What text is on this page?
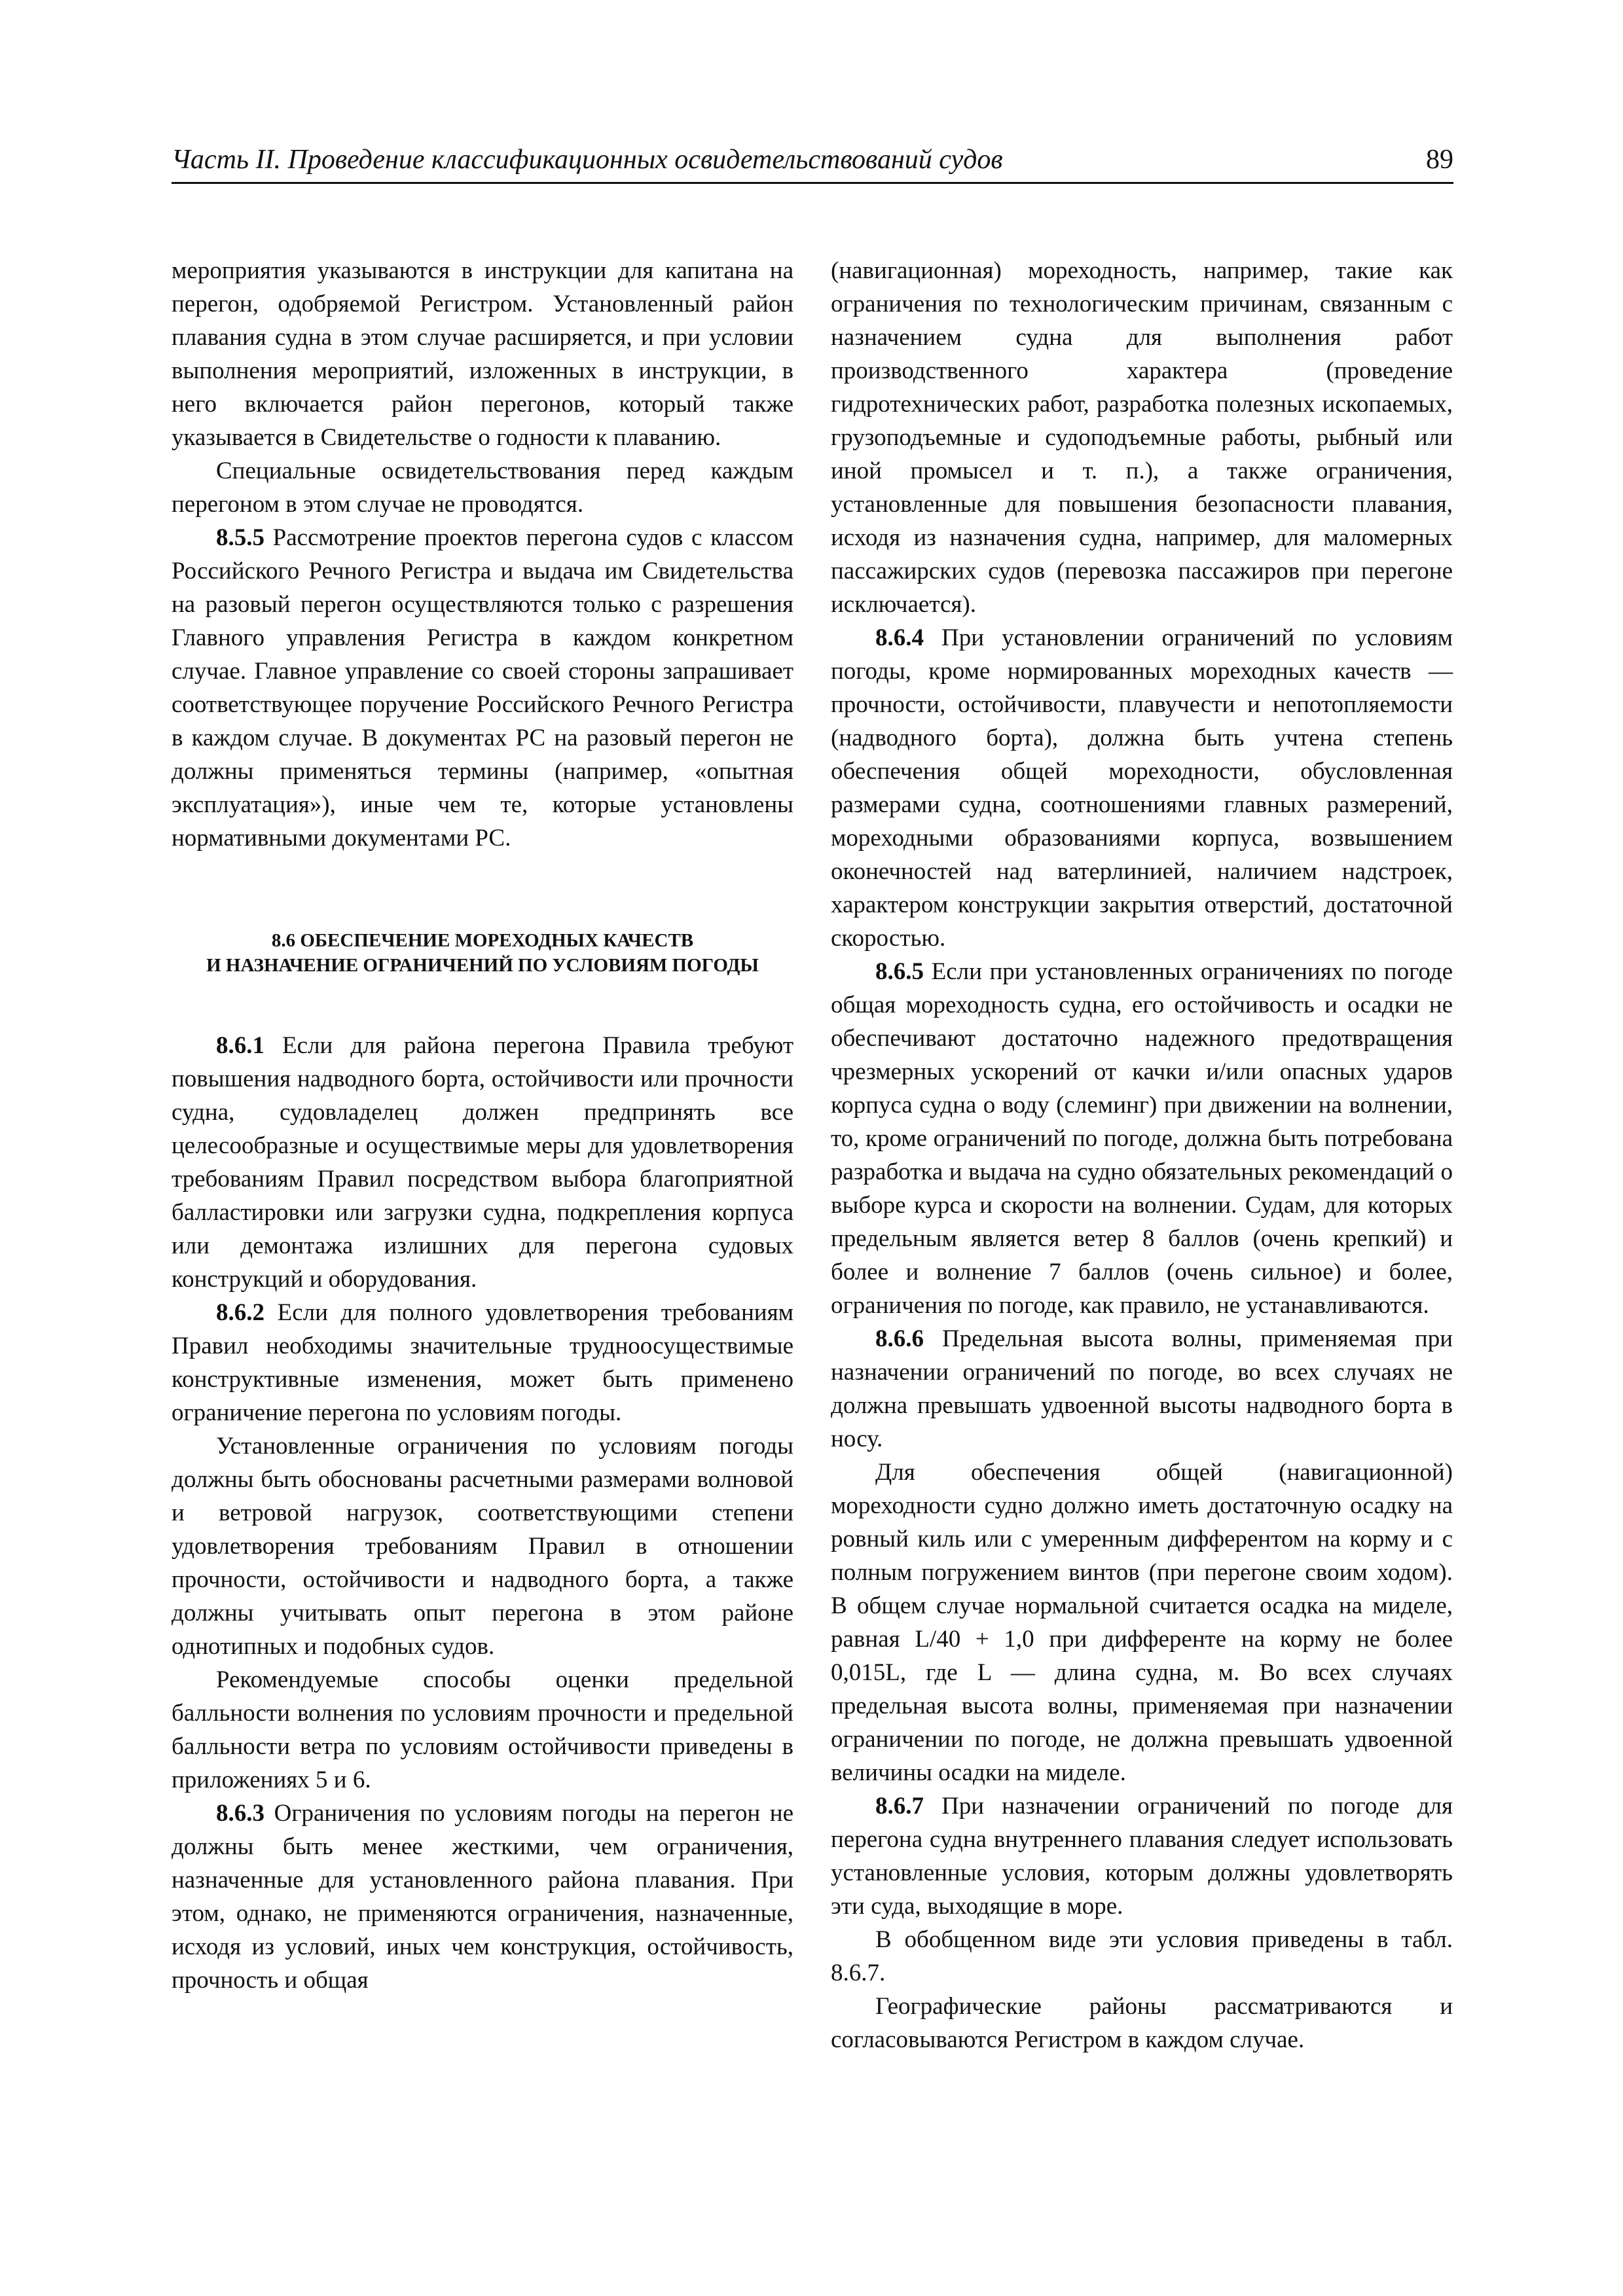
Часть II. Проведение классификационных освидетельствований судов	89

мероприятия указываются в инструкции для капитана на перегон, одобряемой Регистром. Установленный район плавания судна в этом случае расширяется, и при условии выполнения мероприятий, изложенных в инструкции, в него включается район перегонов, который также указывается в Свидетельстве о годности к плаванию.

Специальные освидетельствования перед каждым перегоном в этом случае не проводятся.

8.5.5 Рассмотрение проектов перегона судов с классом Российского Речного Регистра и выдача им Свидетельства на разовый перегон осуществляются только с разрешения Главного управления Регистра в каждом конкретном случае. Главное управление со своей стороны запрашивает соответствующее поручение Российского Речного Регистра в каждом случае. В документах РС на разовый перегон не должны применяться термины (например, «опытная эксплуатация»), иные чем те, которые установлены нормативными документами РС.

8.6 ОБЕСПЕЧЕНИЕ МОРЕХОДНЫХ КАЧЕСТВ
И НАЗНАЧЕНИЕ ОГРАНИЧЕНИЙ ПО УСЛОВИЯМ ПОГОДЫ

8.6.1 Если для района перегона Правила требуют повышения надводного борта, остойчивости или прочности судна, судовладелец должен предпринять все целесообразные и осуществимые меры для удовлетворения требованиям Правил посредством выбора благоприятной балластировки или загрузки судна, подкрепления корпуса или демонтажа излишних для перегона судовых конструкций и оборудования.

8.6.2 Если для полного удовлетворения требованиям Правил необходимы значительные трудноосуществимые конструктивные изменения, может быть применено ограничение перегона по условиям погоды.

Установленные ограничения по условиям погоды должны быть обоснованы расчетными размерами волновой и ветровой нагрузок, соответствующими степени удовлетворения требованиям Правил в отношении прочности, остойчивости и надводного борта, а также должны учитывать опыт перегона в этом районе однотипных и подобных судов.

Рекомендуемые способы оценки предельной балльности волнения по условиям прочности и предельной балльности ветра по условиям остойчивости приведены в приложениях 5 и 6.

8.6.3 Ограничения по условиям погоды на перегон не должны быть менее жесткими, чем ограничения, назначенные для установленного района плавания. При этом, однако, не применяются ограничения, назначенные, исходя из условий, иных чем конструкция, остойчивость, прочность и общая

(навигационная) мореходность, например, такие как ограничения по технологическим причинам, связанным с назначением судна для выполнения работ производственного характера (проведение гидротехнических работ, разработка полезных ископаемых, грузоподъемные и судоподъемные работы, рыбный или иной промысел и т. п.), а также ограничения, установленные для повышения безопасности плавания, исходя из назначения судна, например, для маломерных пассажирских судов (перевозка пассажиров при перегоне исключается).

8.6.4 При установлении ограничений по условиям погоды, кроме нормированных мореходных качеств — прочности, остойчивости, плавучести и непотопляемости (надводного борта), должна быть учтена степень обеспечения общей мореходности, обусловленная размерами судна, соотношениями главных размерений, мореходными образованиями корпуса, возвышением оконечностей над ватерлинией, наличием надстроек, характером конструкции закрытия отверстий, достаточной скоростью.

8.6.5 Если при установленных ограничениях по погоде общая мореходность судна, его остойчивость и осадки не обеспечивают достаточно надежного предотвращения чрезмерных ускорений от качки и/или опасных ударов корпуса судна о воду (слеминг) при движении на волнении, то, кроме ограничений по погоде, должна быть потребована разработка и выдача на судно обязательных рекомендаций о выборе курса и скорости на волнении. Судам, для которых предельным является ветер 8 баллов (очень крепкий) и более и волнение 7 баллов (очень сильное) и более, ограничения по погоде, как правило, не устанавливаются.

8.6.6 Предельная высота волны, применяемая при назначении ограничений по погоде, во всех случаях не должна превышать удвоенной высоты надводного борта в носу.

Для обеспечения общей (навигационной) мореходности судно должно иметь достаточную осадку на ровный киль или с умеренным дифферентом на корму и с полным погружением винтов (при перегоне своим ходом). В общем случае нормальной считается осадка на миделе, равная L/40 + 1,0 при дифференте на корму не более 0,015L, где L — длина судна, м. Во всех случаях предельная высота волны, применяемая при назначении ограничении по погоде, не должна превышать удвоенной величины осадки на миделе.

8.6.7 При назначении ограничений по погоде для перегона судна внутреннего плавания следует использовать установленные условия, которым должны удовлетворять эти суда, выходящие в море.

В обобщенном виде эти условия приведены в табл. 8.6.7.

Географические районы рассматриваются и согласовываются Регистром в каждом случае.
